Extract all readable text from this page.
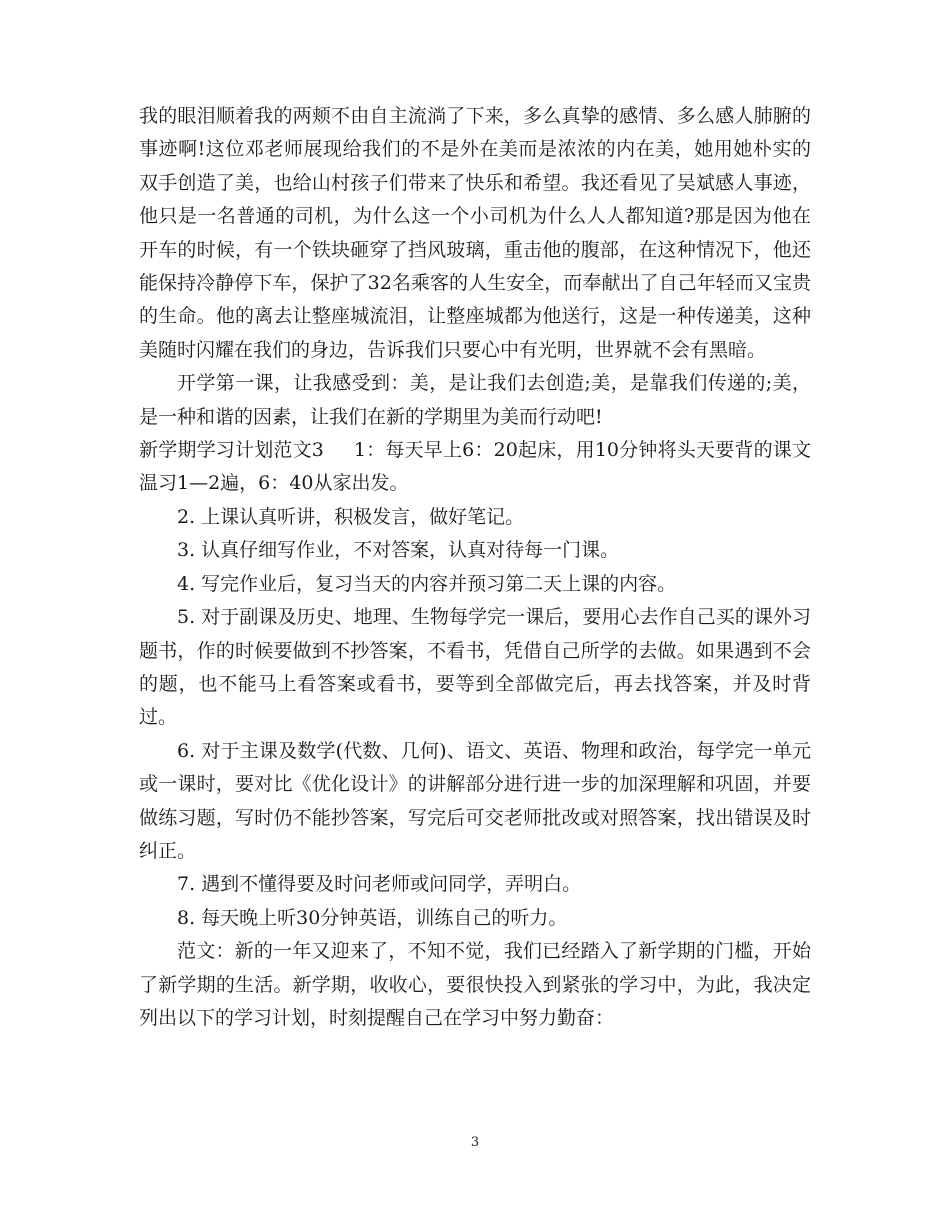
我的眼泪顺着我的两颊不由自主流淌了下来，多么真挚的感情、多么感人肺腑的事迹啊!这位邓老师展现给我们的不是外在美而是浓浓的内在美，她用她朴实的双手创造了美，也给山村孩子们带来了快乐和希望。我还看见了吴斌感人事迹，他只是一名普通的司机，为什么这一个小司机为什么人人都知道?那是因为他在开车的时候，有一个铁块砸穿了挡风玻璃，重击他的腹部，在这种情况下，他还能保持冷静停下车，保护了32名乘客的人生安全，而奉献出了自己年轻而又宝贵的生命。他的离去让整座城流泪，让整座城都为他送行，这是一种传递美，这种美随时闪耀在我们的身边，告诉我们只要心中有光明，世界就不会有黑暗。

开学第一课，让我感受到：美，是让我们去创造;美，是靠我们传递的;美，是一种和谐的因素，让我们在新的学期里为美而行动吧!

新学期学习计划范文3 1：每天早上6：20起床，用10分钟将头天要背的课文温习1—2遍，6：40从家出发。

2. 上课认真听讲，积极发言，做好笔记。

3. 认真仔细写作业，不对答案，认真对待每一门课。

4. 写完作业后，复习当天的内容并预习第二天上课的内容。

5. 对于副课及历史、地理、生物每学完一课后，要用心去作自己买的课外习题书，作的时候要做到不抄答案，不看书，凭借自己所学的去做。如果遇到不会的题，也不能马上看答案或看书，要等到全部做完后，再去找答案，并及时背过。

6. 对于主课及数学(代数、几何)、语文、英语、物理和政治，每学完一单元或一课时，要对比《优化设计》的讲解部分进行进一步的加深理解和巩固，并要做练习题，写时仍不能抄答案，写完后可交老师批改或对照答案，找出错误及时纠正。

7. 遇到不懂得要及时问老师或问同学，弄明白。

8. 每天晚上听30分钟英语，训练自己的听力。

范文：新的一年又迎来了，不知不觉，我们已经踏入了新学期的门槛，开始了新学期的生活。新学期，收收心，要很快投入到紧张的学习中，为此，我决定列出以下的学习计划，时刻提醒自己在学习中努力勤奋：

3
